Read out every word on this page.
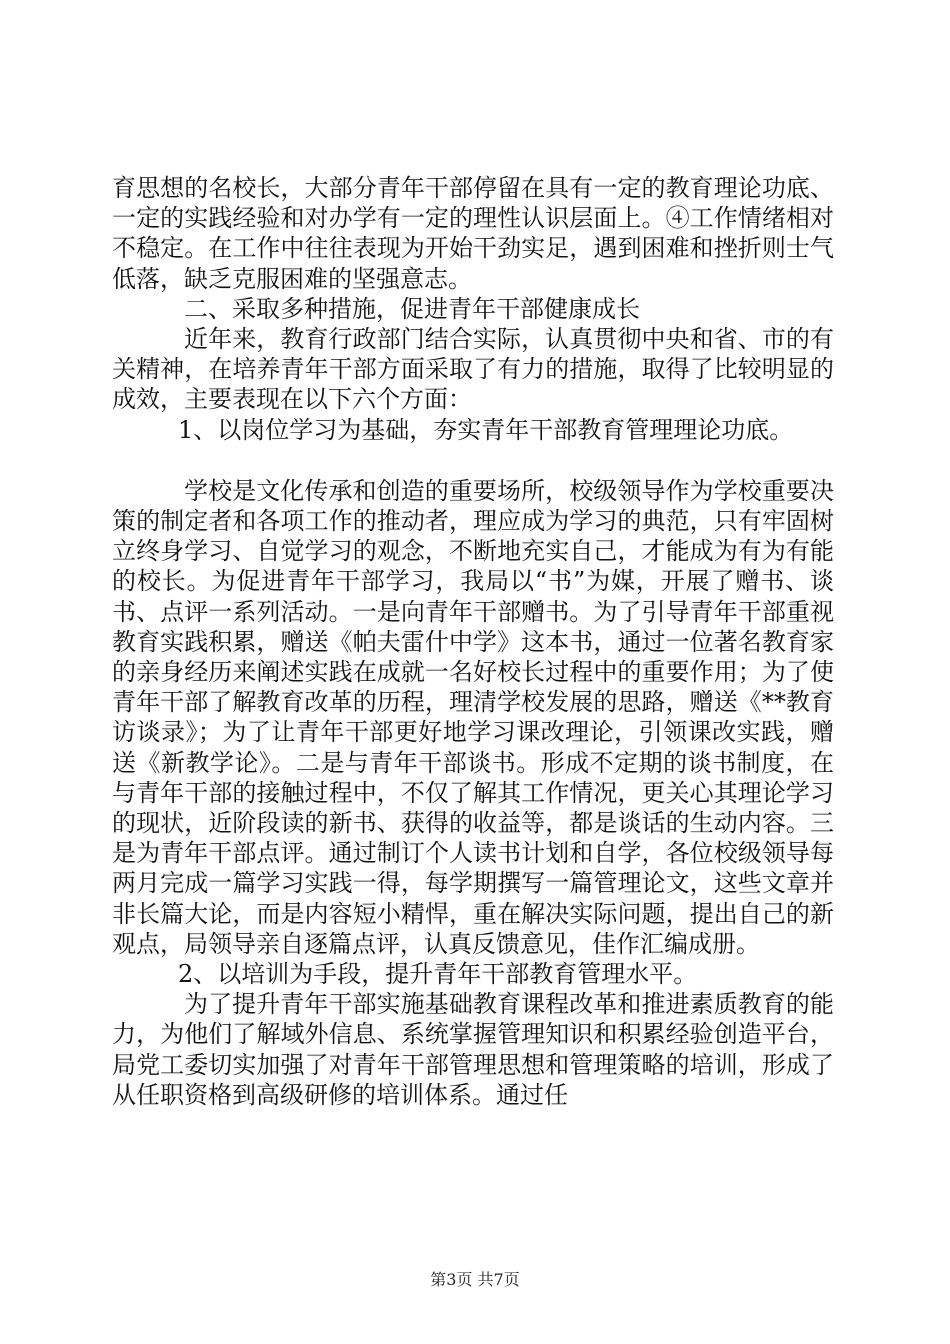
育思想的名校长，大部分青年干部停留在具有一定的教育理论功底、一定的实践经验和对办学有一定的理性认识层面上。④工作情绪相对不稳定。在工作中往往表现为开始干劲实足，遇到困难和挫折则士气低落，缺乏克服困难的坚强意志。

二、采取多种措施，促进青年干部健康成长

近年来，教育行政部门结合实际，认真贯彻中央和省、市的有关精神，在培养青年干部方面采取了有力的措施，取得了比较明显的成效，主要表现在以下六个方面：

1、以岗位学习为基础，夯实青年干部教育管理理论功底。

学校是文化传承和创造的重要场所，校级领导作为学校重要决策的制定者和各项工作的推动者，理应成为学习的典范，只有牢固树立终身学习、自觉学习的观念，不断地充实自己，才能成为有为有能的校长。为促进青年干部学习，我局以“书”为媒，开展了赠书、谈书、点评一系列活动。一是向青年干部赠书。为了引导青年干部重视教育实践积累，赠送《帕夫雷什中学》这本书，通过一位著名教育家的亲身经历来阐述实践在成就一名好校长过程中的重要作用；为了使青年干部了解教育改革的历程，理清学校发展的思路，赠送《**教育访谈录》；为了让青年干部更好地学习课改理论，引领课改实践，赠送《新教学论》。二是与青年干部谈书。形成不定期的谈书制度，在与青年干部的接触过程中，不仅了解其工作情况，更关心其理论学习的现状，近阶段读的新书、获得的收益等，都是谈话的生动内容。三是为青年干部点评。通过制订个人读书计划和自学，各位校级领导每两月完成一篇学习实践一得，每学期撰写一篇管理论文，这些文章并非长篇大论，而是内容短小精悍，重在解决实际问题，提出自己的新观点，局领导亲自逐篇点评，认真反馈意见，佳作汇编成册。

2、以培训为手段，提升青年干部教育管理水平。

为了提升青年干部实施基础教育课程改革和推进素质教育的能力，为他们了解域外信息、系统掌握管理知识和积累经验创造平台，局党工委切实加强了对青年干部管理思想和管理策略的培训，形成了从任职资格到高级研修的培训体系。通过任

第3页 共7页
